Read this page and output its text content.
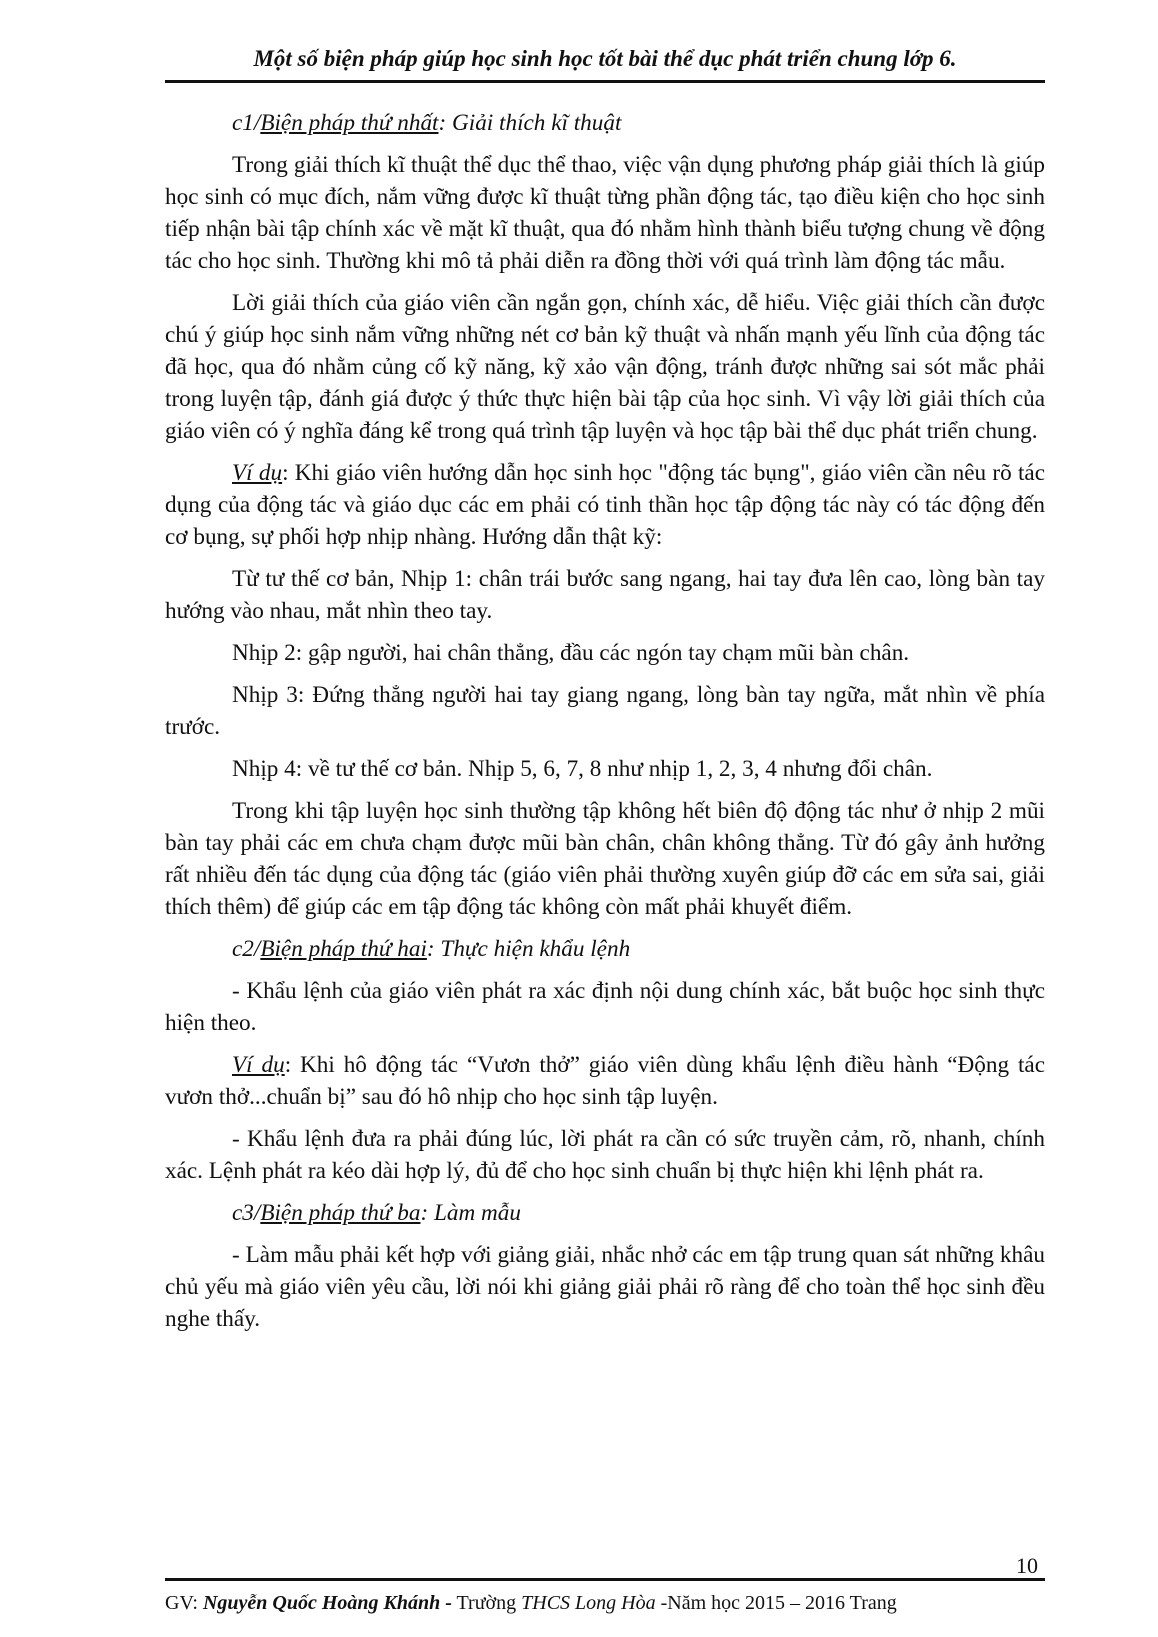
Một số biện pháp giúp học sinh học tốt bài thể dục phát triển chung lớp 6.

c1/Biện pháp thứ nhất: Giải thích kĩ thuật

Trong giải thích kĩ thuật thể dục thể thao, việc vận dụng phương pháp giải thích là giúp học sinh có mục đích, nắm vững được kĩ thuật từng phần động tác, tạo điều kiện cho học sinh tiếp nhận bài tập chính xác về mặt kĩ thuật, qua đó nhằm hình thành biểu tượng chung về động tác cho học sinh. Thường khi mô tả phải diễn ra đồng thời với quá trình làm động tác mẫu.

Lời giải thích của giáo viên cần ngắn gọn, chính xác, dễ hiểu. Việc giải thích cần được chú ý giúp học sinh nắm vững những nét cơ bản kỹ thuật và nhấn mạnh yếu lĩnh của động tác đã học, qua đó nhằm củng cố kỹ năng, kỹ xảo vận động, tránh được những sai sót mắc phải trong luyện tập, đánh giá được ý thức thực hiện bài tập của học sinh. Vì vậy lời giải thích của giáo viên có ý nghĩa đáng kể trong quá trình tập luyện và học tập bài thể dục phát triển chung.

Ví dụ: Khi giáo viên hướng dẫn học sinh học "động tác bụng", giáo viên cần nêu rõ tác dụng của động tác và giáo dục các em phải có tinh thần học tập động tác này có tác động đến cơ bụng, sự phối hợp nhịp nhàng. Hướng dẫn thật kỹ:

Từ tư thế cơ bản, Nhịp 1: chân trái bước sang ngang, hai tay đưa lên cao, lòng bàn tay hướng vào nhau, mắt nhìn theo tay.

Nhịp 2: gập người, hai chân thẳng, đầu các ngón tay chạm mũi bàn chân.

Nhịp 3: Đứng thẳng người hai tay giang ngang, lòng bàn tay ngữa, mắt nhìn về phía trước.

Nhịp 4: về tư thế cơ bản. Nhịp 5, 6, 7, 8 như nhịp 1, 2, 3, 4 nhưng đổi chân.

Trong khi tập luyện học sinh thường tập không hết biên độ động tác như ở nhịp 2 mũi bàn tay phải các em chưa chạm được mũi bàn chân, chân không thẳng. Từ đó gây ảnh hưởng rất nhiều đến tác dụng của động tác (giáo viên phải thường xuyên giúp đỡ các em sửa sai, giải thích thêm) để giúp các em tập động tác không còn mất phải khuyết điểm.

c2/Biện pháp thứ hai: Thực hiện khẩu lệnh

- Khẩu lệnh của giáo viên phát ra xác định nội dung chính xác, bắt buộc học sinh thực hiện theo.

Ví dụ: Khi hô động tác “Vươn thở” giáo viên dùng khẩu lệnh điều hành “Động tác vươn thở...chuẩn bị” sau đó hô nhịp cho học sinh tập luyện.

- Khẩu lệnh đưa ra phải đúng lúc, lời phát ra cần có sức truyền cảm, rõ, nhanh, chính xác. Lệnh phát ra kéo dài hợp lý, đủ để cho học sinh chuẩn bị thực hiện khi lệnh phát ra.

c3/Biện pháp thứ ba: Làm mẫu

- Làm mẫu phải kết hợp với giảng giải, nhắc nhở các em tập trung quan sát những khâu chủ yếu mà giáo viên yêu cầu, lời nói khi giảng giải phải rõ ràng để cho toàn thể học sinh đều nghe thấy.

10
GV: Nguyễn Quốc Hoàng Khánh - Trường THCS Long Hòa -Năm học 2015 – 2016 Trang
